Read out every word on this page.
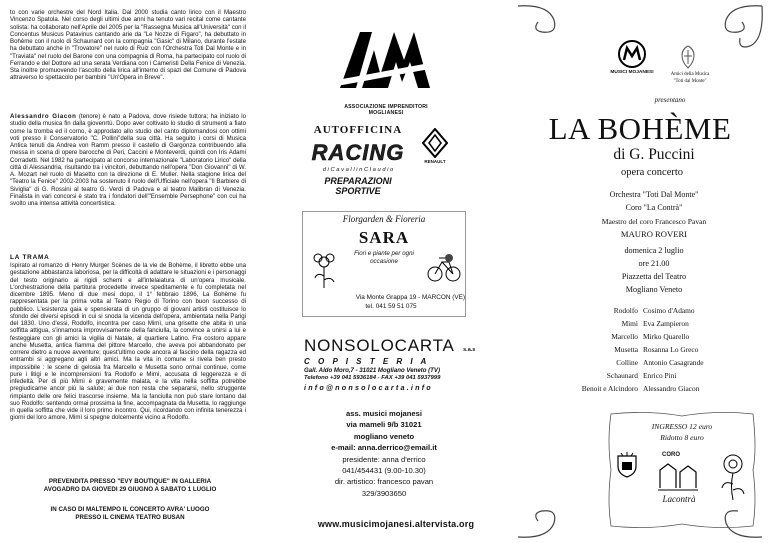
to con varie orchestre del Nord Italia. Dal 2000 studia canto lirico con il Maestro Vincenzo Spatola. Nel corso degli ultimi due anni ha tenuto vari recital come cantante solista: ha collaborato nell'Aprile del 2005 per la "Rassegna Musica all'Università" con il Concentus Musicus Patavinus cantando arie da "Le Nozze di Figaro", ha debuttato in Bohème con il ruolo di Schaunard con la compagnia "Gasic" di Milano, durante l'estate ha debuttato anche in "Trovatore" nel ruolo di Ruiz con l'Orchestra Toti Dal Monte e in "Traviata" nel ruolo del Barone con una compagnia di Roma, ha partecipato col ruolo di Ferrando e del Dottore ad una serata Verdiana con i Cameristi Della Fenice di Venezia. Sta inoltre promuovendo l'ascolto della lirica all'interno di spazi del Comune di Padova attraverso lo spettacolo per bambini "Un'Opera in Breve".

Alessandro Giacon (tenore) è nato a Padova, dove risiede tuttora; ha iniziato lo studio della musica fin dalla giovenrtù. Dopo aver coltivato lo studio di strumenti a fiato come la tromba ed il corno, è approdato allo studio del canto diplomandosi con ottimi voti presso il Conservatorio "C. Pollini"della sua città. Ha seguito i corsi di Musica Antica tenuti da Andrea von Ramm presso il castello di Gargonza contribuendo alla messa in scena di opere barocche di Peri, Caccini e Monteverdi, quindi con Iris Adami Corradetti. Nel 1982 ha partecipato al concorso internazionale "Laboratorio Lirico" della città di Alessandria, risultando tra i vincitori, debuttando nell'opera "Don Giovanni" di W. A. Mozart nel ruolo di Masetto con la direzione di E. Muller. Nella stagione lirica del "Teatro la Fenice" 2002-2003 ha sostenuto il ruolo dell'Ufficiale nell'opera "Il Barbiere di Siviglia" di G. Rossini al teatro G. Verdi di Padova e al teatro Malibran di Venezia. Finalista in vari concorsi è stato tra i fondatori dell'"Ensemble Persephone" con cui ha svolto una intensa attività concertistica.

LA TRAMA

Ispirato al romanzo di Henry Murger Scènes de la vie de Bohème, il libretto ebbe una gestazione abbastanza laboriosa, per la difficoltà di adattare le situazioni e i personaggi del testo originario ai rigidi schemi e all'intelaiatura di un'opera musicale. L'orchestrazione della partitura procedette invece speditamente e fu completata nel dicembre 1895. Meno di due mesi dopo, il 1° febbraio 1896, La Bohème fu rappresentata per la prima volta al Teatro Regio di Torino con buon successo di pubblico. L'esistenza gaia e spensierata di un gruppo di giovani artisti costituisce lo sfondo dei diversi episodi in cui si snoda la vicenda dell'opera, ambientata nella Parigi del 1830. Uno d'essi, Rodolfo, incontra per caso Mimì, una grisette che abita in una soffitta attigua, s'innamora improvvisamente della fanciulla, la convince a unirsi a lui e festeggiare con gli amici la vigilia di Natale, al quartiere Latino. Fra costoro appare anche Musetta, antica fiamma del pittore Marcello, che aveva poi abbandonato per correre dietro a nuove avventure; quest'ultimo cede ancora al fascino della ragazza ed entrambi si aggregano agli altri amici. Ma la vita in comune si rivela ben presto impossibile : le scene di gelosia fra Marcello e Musetta sono ormai continue, come pure i litigi e le incomprensioni fra Rodolfo e Mimì, accusata di leggerezza e di infedeltà. Per di più Mimì è gravemente malata, e la vita nella soffitta potrebbe pregiudicarne ancor più la salute; ai due non resta che separarsi, nello struggente rimpianto delle ore felici trascorse insieme. Ma la fanciulla non può stare lontano dal suo Rodolfo: sentendo ormai prossima la fine, accompagnata da Musetta, lo raggiunge in quella soffitta che vide il loro primo incontro. Qui, ricordando con infinita tenerezza i giorni del loro amore, Mimì si spegne dolcemente vicino a Rodolfo.

PREVENDITA PRESSO "EVY BOUTIQUE" IN GALLERIA AVOGADRO DA GIOVEDI 29 GIUGNO A SABATO 1 LUGLIO

IN CASO DI MALTEMPO IL CONCERTO AVRA' LUOGO PRESSO IL CINEMA TEATRO BUSAN

ASSOCIAZIONE IMPRENDITORI MOGLIANESI
AUTOFFICINA
RACING
d i C a v a l l i n C l a u d i o
PREPARAZIONI SPORTIVE
RENAULT
Florgarden & Fioreria
SARA
Fiori e piante per ogni occasione
Via Monte Grappa 19 - MARCON (VE)
tel. 041 59 51 075
NONSOLOCARTA s.a.s
C O P I S T E R I A
Gall. Aldo Moro,7 - 31021 Mogliano Veneto (TV)
Telefono +39 041 5936184 - FAX +39 041 5937999
info@nonsolocarta.info
ass. musici mojanesi
via mameli 9/b 31021
mogliano veneto
e-mail: anna.derrico@email.it
presidente: anna d'errico
041/454431 (9.00-10.30)
dir. artistico: francesco pavan
329/3903650
www.musicimojanesi.altervista.org
MUSICI MOJANESI	Amici della Musica
"Toti dal Monte"
presentano
LA BOHÈME
di G. Puccini
opera concerto
Orchestra "Toti Dal Monte"
Coro "La Contrà"
Maestro del coro Francesco Pavan
MAURO ROVERI
domenica 2 luglio
ore 21.00
Piazzetta del Teatro
Mogliano Veneto
Rodolfo Cosimo d'Adamo
Mimì Eva Zampieron
Marcello Mirko Quarello
Musetta Rosanna Lo Greco
Colline Antonio Casagrande
Schaunard Enrico Pini
Benoit e Alcindoro Alessandro Giacon
INGRESSO 12 euro
Ridotto 8 euro
CORO
Lacontrà
